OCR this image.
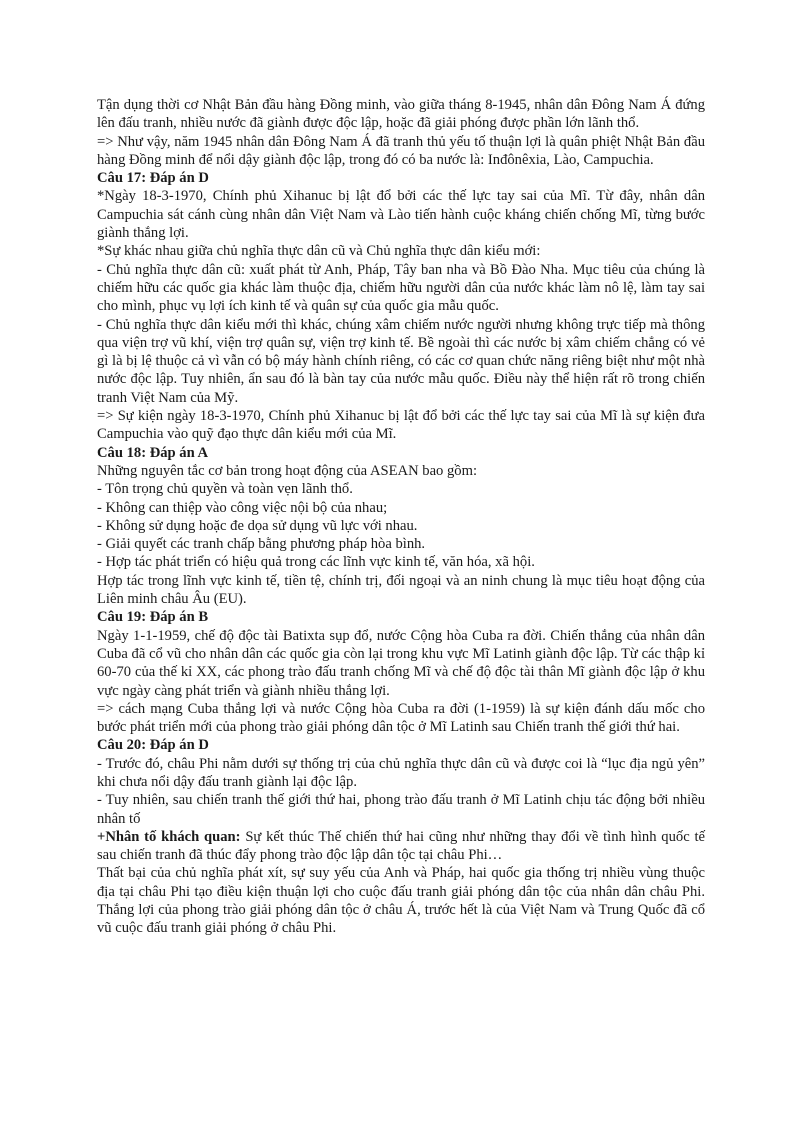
Tận dụng thời cơ Nhật Bản đầu hàng Đồng minh, vào giữa tháng 8-1945, nhân dân Đông Nam Á đứng lên đấu tranh, nhiều nước đã giành được độc lập, hoặc đã giải phóng được phần lớn lãnh thổ.

=> Như vậy, năm 1945 nhân dân Đông Nam Á đã tranh thủ yếu tố thuận lợi là quân phiệt Nhật Bản đầu hàng Đồng minh để nổi dậy giành độc lập, trong đó có ba nước là: Inđônêxia, Lào, Campuchia.

Câu 17: Đáp án D

*Ngày 18-3-1970, Chính phủ Xihanuc bị lật đổ bởi các thế lực tay sai của Mĩ. Từ đây, nhân dân Campuchia sát cánh cùng nhân dân Việt Nam và Lào tiến hành cuộc kháng chiến chống Mĩ, từng bước giành thắng lợi.

*Sự khác nhau giữa chủ nghĩa thực dân cũ và Chủ nghĩa thực dân kiểu mới:

- Chủ nghĩa thực dân cũ: xuất phát từ Anh, Pháp, Tây ban nha và Bồ Đào Nha. Mục tiêu của chúng là chiếm hữu các quốc gia khác làm thuộc địa, chiếm hữu người dân của nước khác làm nô lệ, làm tay sai cho mình, phục vụ lợi ích kinh tế và quân sự của quốc gia mẫu quốc.

- Chủ nghĩa thực dân kiểu mới thì khác, chúng xâm chiếm nước người nhưng không trực tiếp mà thông qua viện trợ vũ khí, viện trợ quân sự, viện trợ kinh tế. Bề ngoài thì các nước bị xâm chiếm chẳng có vẻ gì là bị lệ thuộc cả vì vẫn có bộ máy hành chính riêng, có các cơ quan chức năng riêng biệt như một nhà nước độc lập. Tuy nhiên, ẩn sau đó là bàn tay của nước mẫu quốc. Điều này thể hiện rất rõ trong chiến tranh Việt Nam của Mỹ.

=> Sự kiện ngày 18-3-1970, Chính phủ Xihanuc bị lật đổ bởi các thế lực tay sai của Mĩ là sự kiện đưa Campuchia vào quỹ đạo thực dân kiểu mới của Mĩ.

Câu 18: Đáp án A

Những nguyên tắc cơ bản trong hoạt động của ASEAN bao gồm:

- Tôn trọng chủ quyền và toàn vẹn lãnh thổ.

- Không can thiệp vào công việc nội bộ của nhau;

- Không sử dụng hoặc đe dọa sử dụng vũ lực với nhau.

- Giải quyết các tranh chấp bằng phương pháp hòa bình.

- Hợp tác phát triển có hiệu quả trong các lĩnh vực kinh tế, văn hóa, xã hội.

Hợp tác trong lĩnh vực kinh tế, tiền tệ, chính trị, đối ngoại và an ninh chung là mục tiêu hoạt động của Liên minh châu Âu (EU).

Câu 19: Đáp án B

Ngày 1-1-1959, chế độ độc tài Batixta sụp đổ, nước Cộng hòa Cuba ra đời. Chiến thắng của nhân dân Cuba đã cổ vũ cho nhân dân các quốc gia còn lại trong khu vực Mĩ Latinh giành độc lập. Từ các thập kỉ 60-70 của thế kỉ XX, các phong trào đấu tranh chống Mĩ và chế độ độc tài thân Mĩ giành độc lập ở khu vực ngày càng phát triển và giành nhiều thắng lợi.

=> cách mạng Cuba thắng lợi và nước Cộng hòa Cuba ra đời (1-1959) là sự kiện đánh dấu mốc cho bước phát triển mới của phong trào giải phóng dân tộc ở Mĩ Latinh sau Chiến tranh thế giới thứ hai.

Câu 20: Đáp án D

- Trước đó, châu Phi nằm dưới sự thống trị của chủ nghĩa thực dân cũ và được coi là “lục địa ngủ yên” khi chưa nổi dậy đấu tranh giành lại độc lập.

- Tuy nhiên, sau chiến tranh thế giới thứ hai, phong trào đấu tranh ở Mĩ Latinh chịu tác động bởi nhiều nhân tố

+Nhân tố khách quan: Sự kết thúc Thế chiến thứ hai cũng như những thay đổi về tình hình quốc tế sau chiến tranh đã thúc đẩy phong trào độc lập dân tộc tại châu Phi…

Thất bại của chủ nghĩa phát xít, sự suy yếu của Anh và Pháp, hai quốc gia thống trị nhiều vùng thuộc địa tại châu Phi tạo điều kiện thuận lợi cho cuộc đấu tranh giải phóng dân tộc của nhân dân châu Phi. Thắng lợi của phong trào giải phóng dân tộc ở châu Á, trước hết là của Việt Nam và Trung Quốc đã cổ vũ cuộc đấu tranh giải phóng ở châu Phi.
